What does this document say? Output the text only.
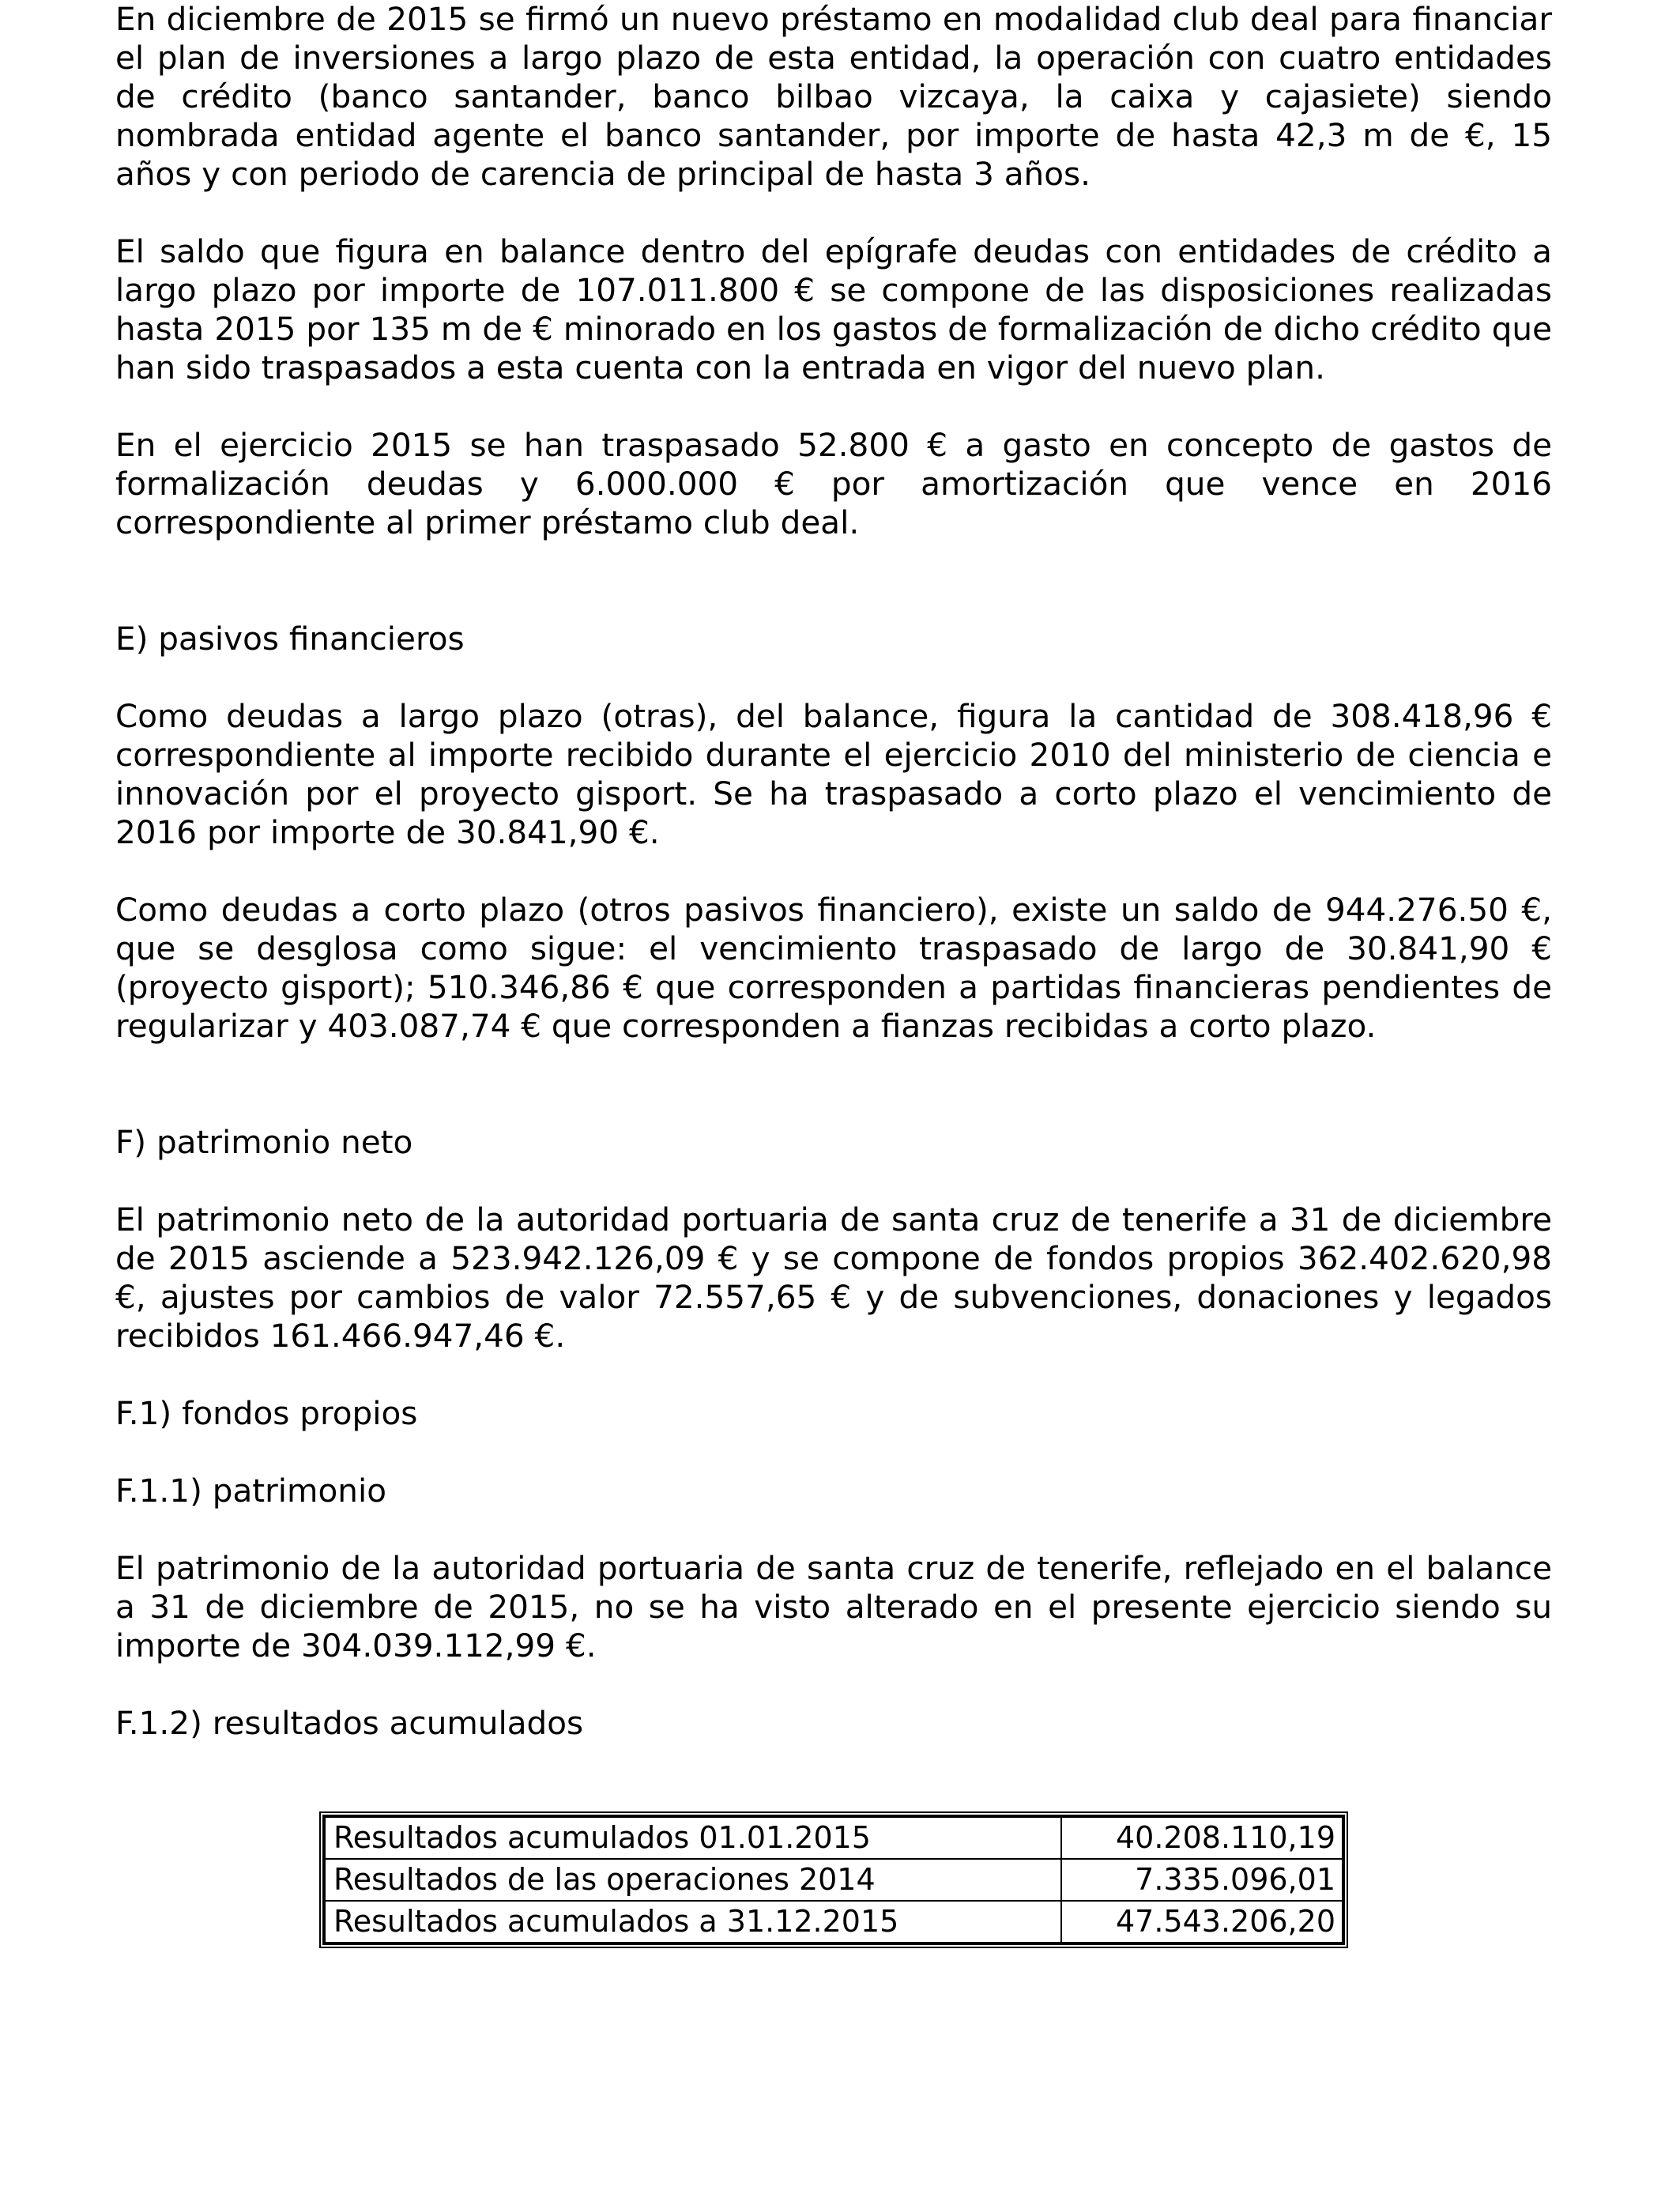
En diciembre de 2015 se firmó un nuevo préstamo en modalidad club deal para financiar el plan de inversiones a largo plazo de esta entidad, la operación con cuatro entidades de crédito (banco santander, banco bilbao vizcaya, la caixa y cajasiete) siendo nombrada entidad agente el banco santander, por importe de hasta 42,3 m de €, 15 años y con periodo de carencia de principal de hasta 3 años.

El saldo que figura en balance dentro del epígrafe deudas con entidades de crédito a largo plazo por importe de 107.011.800 € se compone de las disposiciones realizadas hasta 2015 por 135 m de € minorado en los gastos de formalización de dicho crédito que han sido traspasados a esta cuenta con la entrada en vigor del nuevo plan.

En el ejercicio 2015 se han traspasado 52.800 € a gasto en concepto de gastos de formalización deudas y 6.000.000 € por amortización que vence en 2016 correspondiente al primer préstamo club deal.

E) pasivos financieros

Como deudas a largo plazo (otras), del balance, figura la cantidad de 308.418,96 € correspondiente al importe recibido durante el ejercicio 2010 del ministerio de ciencia e innovación por el proyecto gisport. Se ha traspasado a corto plazo el vencimiento de 2016 por importe de 30.841,90 €.

Como deudas a corto plazo (otros pasivos financiero), existe un saldo de 944.276.50 €, que se desglosa como sigue: el vencimiento traspasado de largo de 30.841,90 € (proyecto gisport); 510.346,86 € que corresponden a partidas financieras pendientes de regularizar y 403.087,74 € que corresponden a fianzas recibidas a corto plazo.

F) patrimonio neto

El patrimonio neto de la autoridad portuaria de santa cruz de tenerife a 31 de diciembre de 2015 asciende a 523.942.126,09 € y se compone de fondos propios 362.402.620,98 €, ajustes por cambios de valor 72.557,65 € y de subvenciones, donaciones y legados recibidos 161.466.947,46 €.

F.1) fondos propios

F.1.1) patrimonio

El patrimonio de la autoridad portuaria de santa cruz de tenerife, reflejado en el balance a 31 de diciembre de 2015, no se ha visto alterado en el presente ejercicio siendo su importe de 304.039.112,99 €.

F.1.2) resultados acumulados

Resultados acumulados 01.01.2015	40.208.110,19
Resultados de las operaciones 2014	7.335.096,01
Resultados acumulados a 31.12.2015	47.543.206,20
